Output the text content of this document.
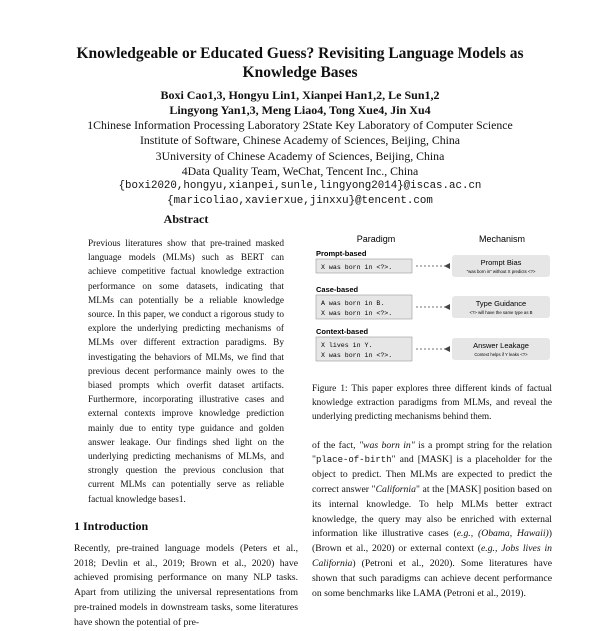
Knowledgeable or Educated Guess? Revisiting Language Models as Knowledge Bases
Boxi Cao1,3, Hongyu Lin1, Xianpei Han1,2, Le Sun1,2
Lingyong Yan1,3, Meng Liao4, Tong Xue4, Jin Xu4
1Chinese Information Processing Laboratory 2State Key Laboratory of Computer Science
Institute of Software, Chinese Academy of Sciences, Beijing, China
3University of Chinese Academy of Sciences, Beijing, China
4Data Quality Team, WeChat, Tencent Inc., China
{boxi2020,hongyu,xianpei,sunle,lingyong2014}@iscas.ac.cn
{maricoliao,xavierxue,jinxxu}@tencent.com
Abstract

Previous literatures show that pre-trained masked language models (MLMs) such as BERT can achieve competitive factual knowledge extraction performance on some datasets, indicating that MLMs can potentially be a reliable knowledge source. In this paper, we conduct a rigorous study to explore the underlying predicting mechanisms of MLMs over different extraction paradigms. By investigating the behaviors of MLMs, we find that previous decent performance mainly owes to the biased prompts which overfit dataset artifacts. Furthermore, incorporating illustrative cases and external contexts improve knowledge prediction mainly due to entity type guidance and golden answer leakage. Our findings shed light on the underlying predicting mechanisms of MLMs, and strongly question the previous conclusion that current MLMs can potentially serve as reliable factual knowledge bases1.

1 Introduction

Recently, pre-trained language models (Peters et al., 2018; Devlin et al., 2019; Brown et al., 2020) have achieved promising performance on many NLP tasks. Apart from utilizing the universal representations from pre-trained models in downstream tasks, some literatures have shown the potential of pre-

Paradigm	Mechanism
Prompt-based
X was born in <?>.
Prompt Bias
"was born in" without X predicts <?>
Case-based
A was born in B.
X was born in <?>.
Type Guidance
<?> will have the same type as B
Context-based
X lives in Y.
X was born in <?>.
Answer Leakage
Context helps if Y leaks <?>

Figure 1: This paper explores three different kinds of factual knowledge extraction paradigms from MLMs, and reveal the underlying predicting mechanisms behind them.

of the fact, "was born in" is a prompt string for the relation "place-of-birth" and [MASK] is a placeholder for the object to predict. Then MLMs are expected to predict the correct answer "California" at the [MASK] position based on its internal knowledge. To help MLMs better extract knowledge, the query may also be enriched with external information like illustrative cases (e.g., (Obama, Hawaii)) (Brown et al., 2020) or external context (e.g., Jobs lives in California) (Petroni et al., 2020). Some literatures have shown that such paradigms can achieve decent performance on some benchmarks like LAMA (Petroni et al., 2019).
